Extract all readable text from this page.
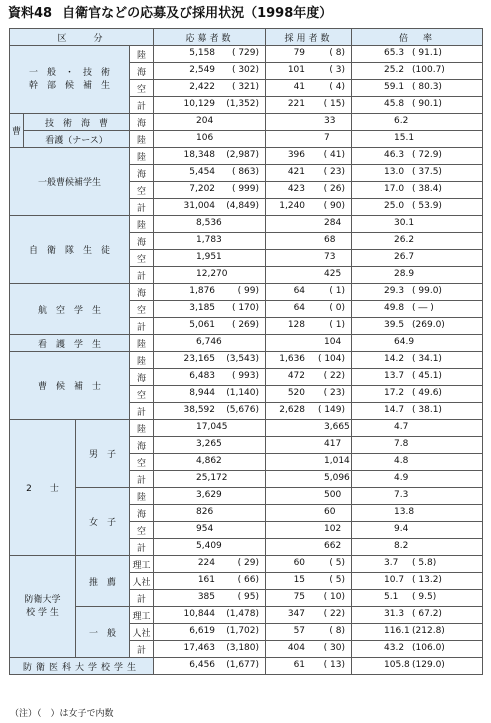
資料48 自衛官などの応募及び採用状況（1998年度）
区　　分				応募者数	採用者数	倍　率
一　般　・　技　術
幹　部　候　補　生			陸	5,158 ( 729)	79 ( 8)	65.3 ( 91.1)

			海	2,549 ( 302)	101 ( 3)	25.2 (100.7)

			空	2,422 ( 321)	41 ( 4)	59.1 ( 80.3)

			計	10,129 (1,352)	221 ( 15)	45.8 ( 90.1)

曹	技　術　海　曹		海	204	33	6.2

	看護（ナース）		陸	106	7	15.1

一般曹候補学生			陸	18,348 (2,987)	396 ( 41)	46.3 ( 72.9)

			海	5,454 ( 863)	421 ( 23)	13.0 ( 37.5)

			空	7,202 ( 999)	423 ( 26)	17.0 ( 38.4)

			計	31,004 (4,849)	1,240 ( 90)	25.0 ( 53.9)

自　衛　隊　生　徒			陸	8,536	284	30.1

			海	1,783	68	26.2

			空	1,951	73	26.7

			計	12,270	425	28.9

航　空　学　生			海	1,876 ( 99)	64 ( 1)	29.3 ( 99.0)

			空	3,185 ( 170)	64 ( 0)	49.8 ( ― )

			計	5,061 ( 269)	128 ( 1)	39.5 (269.0)

看　護　学　生			陸	6,746	104	64.9

曹　候　補　士			陸	23,165 (3,543)	1,636 ( 104)	14.2 ( 34.1)

			海	6,483 ( 993)	472 ( 22)	13.7 ( 45.1)

			空	8,944 (1,140)	520 ( 23)	17.2 ( 49.6)

			計	38,592 (5,676)	2,628 ( 149)	14.7 ( 38.1)

2　　士		男　子	陸	17,045	3,665	4.7

			海	3,265	417	7.8

			空	4,862	1,014	4.8

			計	25,172	5,096	4.9

		女　子	陸	3,629	500	7.3

			海	826	60	13.8

			空	954	102	9.4

			計	5,409	662	8.2

防衛大学
校 学 生		推　薦	理工	224 ( 29)	60 ( 5)	3.7 ( 5.8)

			人社	161 ( 66)	15 ( 5)	10.7 ( 13.2)

			計	385 ( 95)	75 ( 10)	5.1 ( 9.5)

		一　般	理工	10,844 (1,478)	347 ( 22)	31.3 ( 67.2)

			人社	6,619 (1,702)	57 ( 8)	116.1 (212.8)

			計	17,463 (3,180)	404 ( 30)	43.2 (106.0)

防衛医科大学校学生				6,456 (1,677)	61 ( 13)	105.8 (129.0)
（注）（　）は女子で内数
